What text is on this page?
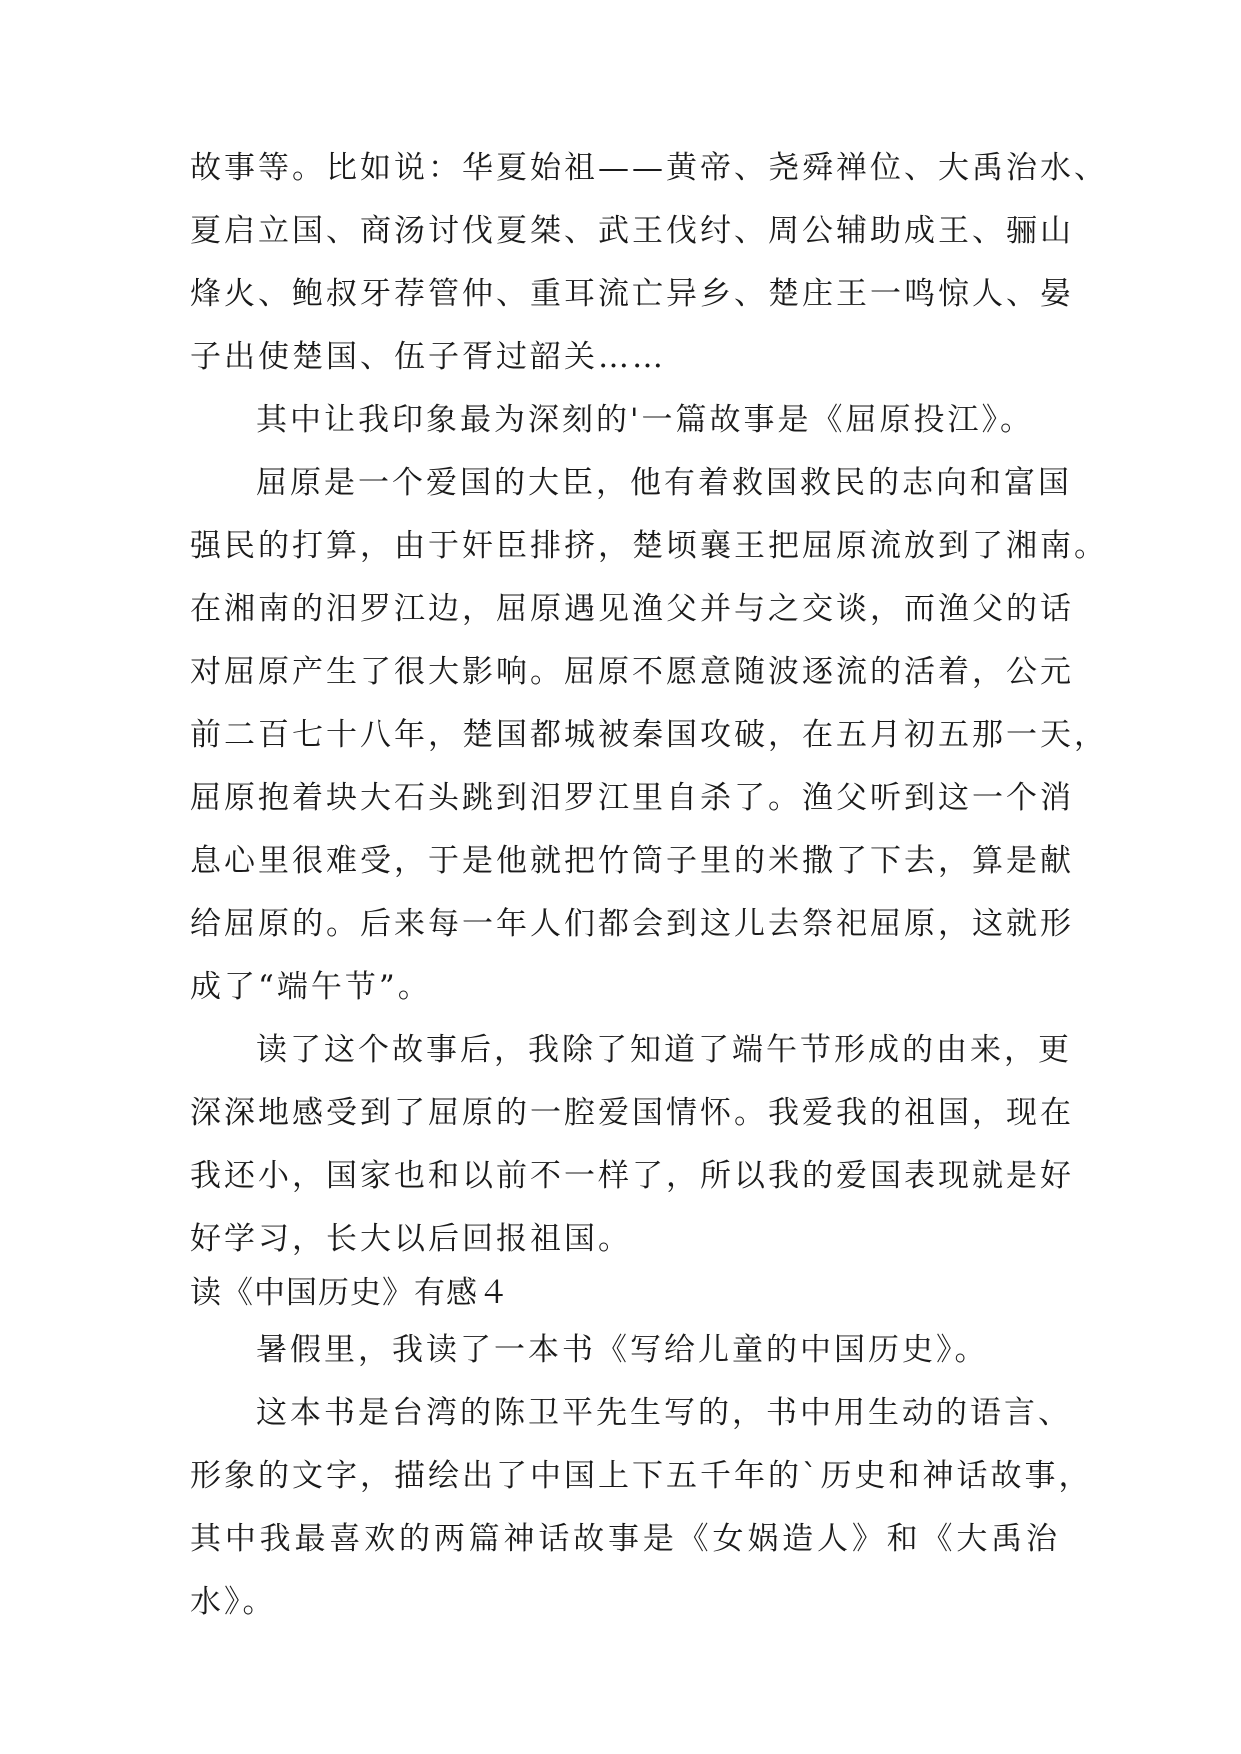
故事等。比如说：华夏始祖——黄帝、尧舜禅位、大禹治水、
夏启立国、商汤讨伐夏桀、武王伐纣、周公辅助成王、骊山
烽火、鲍叔牙荐管仲、重耳流亡异乡、楚庄王一鸣惊人、晏
子出使楚国、伍子胥过韶关……
其中让我印象最为深刻的'一篇故事是《屈原投江》。
屈原是一个爱国的大臣，他有着救国救民的志向和富国
强民的打算，由于奸臣排挤，楚顷襄王把屈原流放到了湘南。
在湘南的汨罗江边，屈原遇见渔父并与之交谈，而渔父的话
对屈原产生了很大影响。屈原不愿意随波逐流的活着，公元
前二百七十八年，楚国都城被秦国攻破，在五月初五那一天，
屈原抱着块大石头跳到汨罗江里自杀了。渔父听到这一个消
息心里很难受，于是他就把竹筒子里的米撒了下去，算是献
给屈原的。后来每一年人们都会到这儿去祭祀屈原，这就形
成了“端午节”。
读了这个故事后，我除了知道了端午节形成的由来，更
深深地感受到了屈原的一腔爱国情怀。我爱我的祖国，现在
我还小，国家也和以前不一样了，所以我的爱国表现就是好
好学习，长大以后回报祖国。
读《中国历史》有感４
暑假里，我读了一本书《写给儿童的中国历史》。
这本书是台湾的陈卫平先生写的，书中用生动的语言、
形象的文字，描绘出了中国上下五千年的`历史和神话故事，
其中我最喜欢的两篇神话故事是《女娲造人》和《大禹治
水》。
